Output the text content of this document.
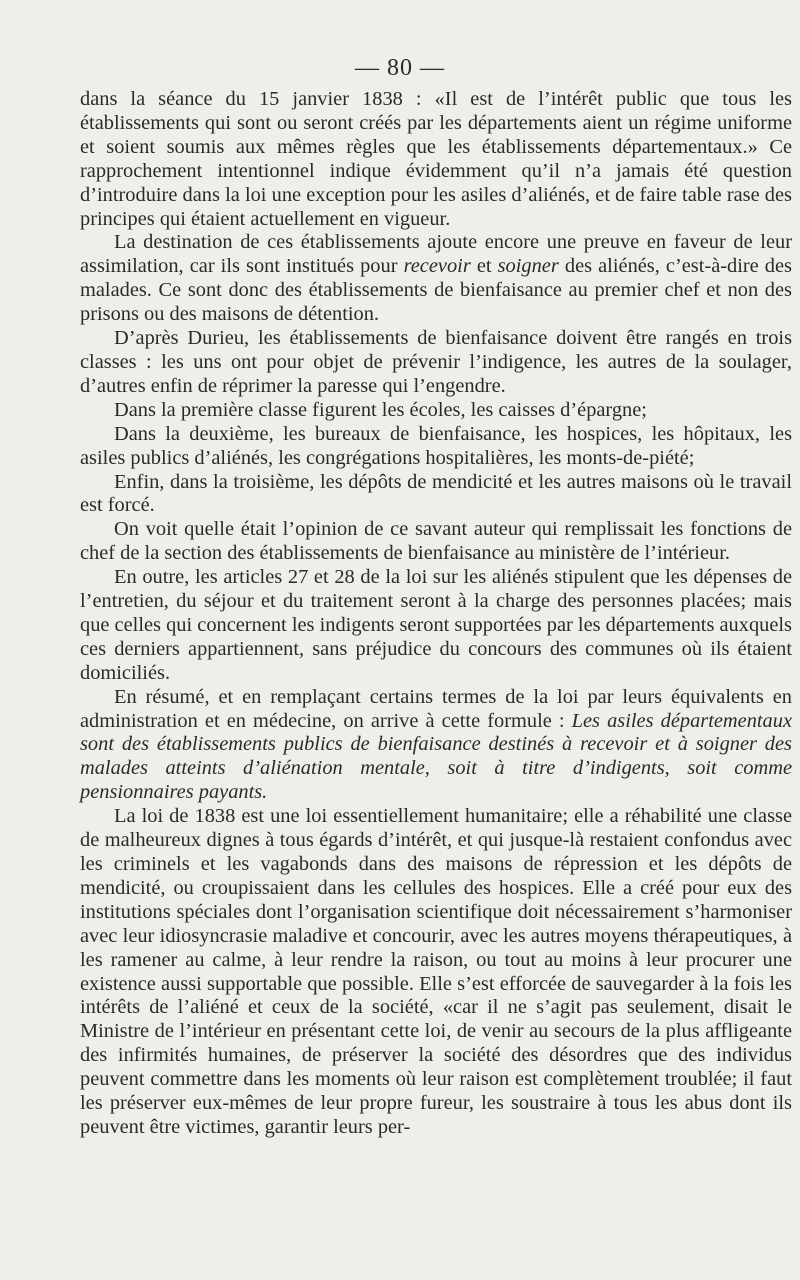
— 80 —

dans la séance du 15 janvier 1838 : «Il est de l’intérêt public que tous les établissements qui sont ou seront créés par les départements aient un régime uniforme et soient soumis aux mêmes règles que les établissements départementaux.» Ce rapprochement intentionnel indique évidemment qu’il n’a jamais été question d’introduire dans la loi une exception pour les asiles d’aliénés, et de faire table rase des principes qui étaient actuellement en vigueur.

La destination de ces établissements ajoute encore une preuve en faveur de leur assimilation, car ils sont institués pour recevoir et soigner des aliénés, c’est-à-dire des malades. Ce sont donc des établissements de bienfaisance au premier chef et non des prisons ou des maisons de détention.

D’après Durieu, les établissements de bienfaisance doivent être rangés en trois classes : les uns ont pour objet de prévenir l’indigence, les autres de la soulager, d’autres enfin de réprimer la paresse qui l’engendre.

Dans la première classe figurent les écoles, les caisses d’épargne;

Dans la deuxième, les bureaux de bienfaisance, les hospices, les hôpitaux, les asiles publics d’aliénés, les congrégations hospitalières, les monts-de-piété;

Enfin, dans la troisième, les dépôts de mendicité et les autres maisons où le travail est forcé.

On voit quelle était l’opinion de ce savant auteur qui remplissait les fonctions de chef de la section des établissements de bienfaisance au ministère de l’intérieur.

En outre, les articles 27 et 28 de la loi sur les aliénés stipulent que les dépenses de l’entretien, du séjour et du traitement seront à la charge des personnes placées; mais que celles qui concernent les indigents seront supportées par les départements auxquels ces derniers appartiennent, sans préjudice du concours des communes où ils étaient domiciliés.

En résumé, et en remplaçant certains termes de la loi par leurs équivalents en administration et en médecine, on arrive à cette formule : Les asiles départementaux sont des établissements publics de bienfaisance destinés à recevoir et à soigner des malades atteints d’aliénation mentale, soit à titre d’indigents, soit comme pensionnaires payants.

La loi de 1838 est une loi essentiellement humanitaire; elle a réhabilité une classe de malheureux dignes à tous égards d’intérêt, et qui jusque-là restaient confondus avec les criminels et les vagabonds dans des maisons de répression et les dépôts de mendicité, ou croupissaient dans les cellules des hospices. Elle a créé pour eux des institutions spéciales dont l’organisation scientifique doit nécessairement s’harmoniser avec leur idiosyncrasie maladive et concourir, avec les autres moyens thérapeutiques, à les ramener au calme, à leur rendre la raison, ou tout au moins à leur procurer une existence aussi supportable que possible. Elle s’est efforcée de sauvegarder à la fois les intérêts de l’aliéné et ceux de la société, «car il ne s’agit pas seulement, disait le Ministre de l’intérieur en présentant cette loi, de venir au secours de la plus affligeante des infirmités humaines, de préserver la société des désordres que des individus peuvent commettre dans les moments où leur raison est complètement troublée; il faut les préserver eux-mêmes de leur propre fureur, les soustraire à tous les abus dont ils peuvent être victimes, garantir leurs per-
